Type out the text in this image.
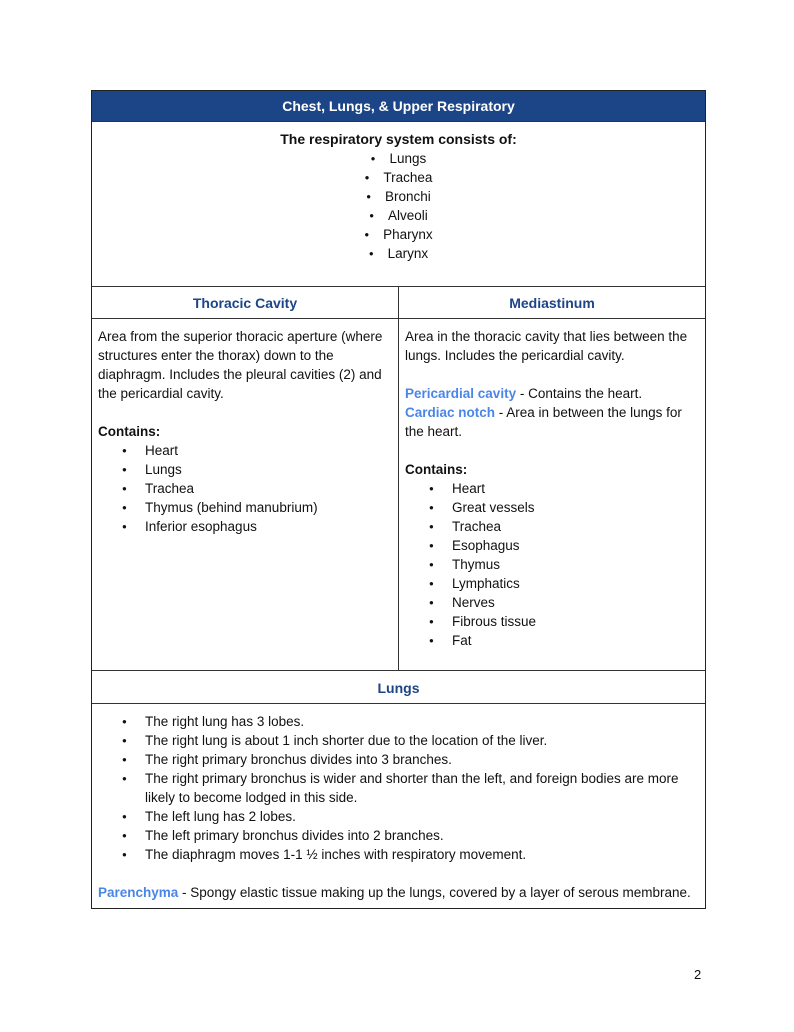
Chest, Lungs, & Upper Respiratory
The respiratory system consists of:
● Lungs
● Trachea
● Bronchi
● Alveoli
● Pharynx
● Larynx
Thoracic Cavity

Area from the superior thoracic aperture (where structures enter the thorax) down to the diaphragm. Includes the pleural cavities (2) and the pericardial cavity.

Contains:

● Heart
● Lungs
● Trachea
● Thymus (behind manubrium)
● Inferior esophagus
Mediastinum

Area in the thoracic cavity that lies between the lungs. Includes the pericardial cavity.

Pericardial cavity - Contains the heart.

Cardiac notch - Area in between the lungs for the heart.

Contains:

● Heart
● Great vessels
● Trachea
● Esophagus
● Thymus
● Lymphatics
● Nerves
● Fibrous tissue
● Fat
Lungs
● The right lung has 3 lobes.
● The right lung is about 1 inch shorter due to the location of the liver.
● The right primary bronchus divides into 3 branches.
● The right primary bronchus is wider and shorter than the left, and foreign bodies are more likely to become lodged in this side.
● The left lung has 2 lobes.
● The left primary bronchus divides into 2 branches.
● The diaphragm moves 1-1 ½ inches with respiratory movement.

Parenchyma - Spongy elastic tissue making up the lungs, covered by a layer of serous membrane.

2
